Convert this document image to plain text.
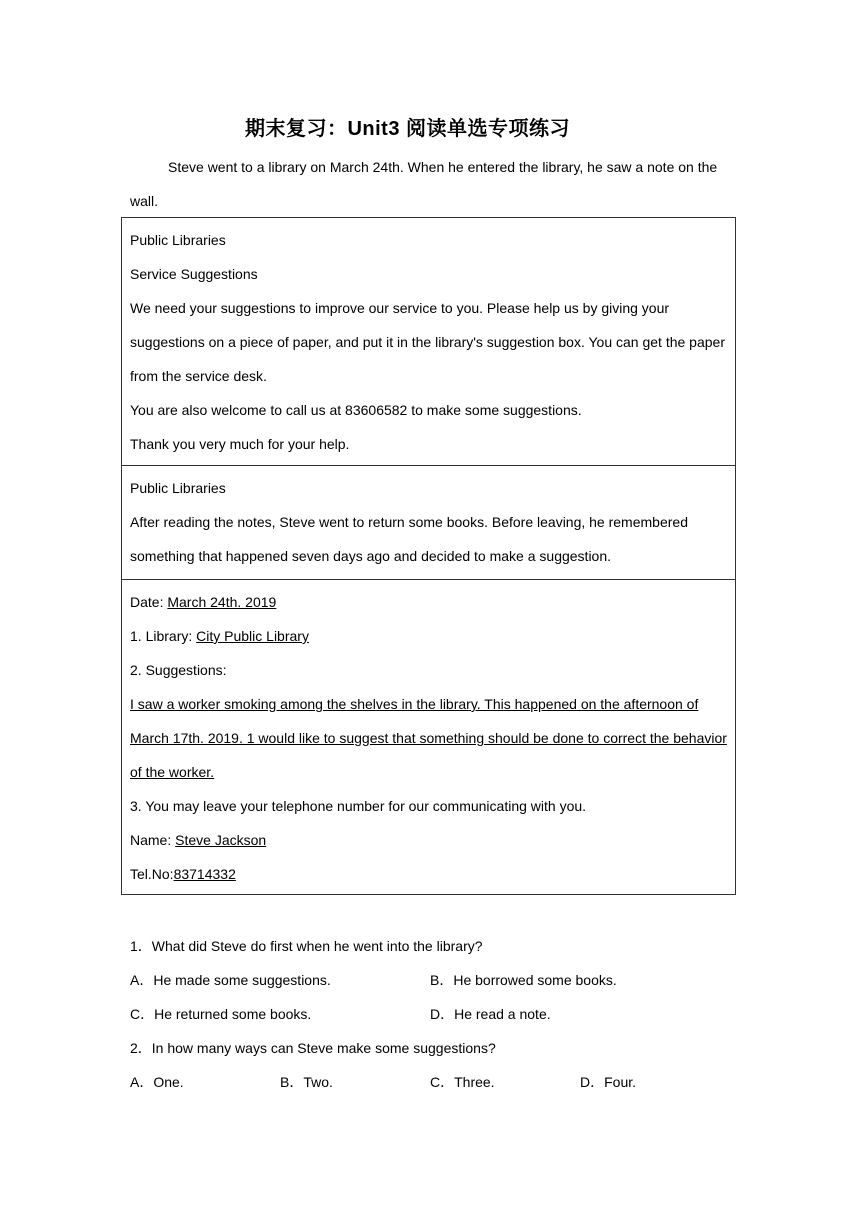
期末复习：Unit3 阅读单选专项练习
Steve went to a library on March 24th. When he entered the library, he saw a note on the wall.
Public Libraries
Service Suggestions
We need your suggestions to improve our service to you. Please help us by giving your
suggestions on a piece of paper, and put it in the library's suggestion box. You can get the paper
from the service desk.
You are also welcome to call us at 83606582 to make some suggestions.
Thank you very much for your help.
Public Libraries
After reading the notes, Steve went to return some books. Before leaving, he remembered
something that happened seven days ago and decided to make a suggestion.
Date: March 24th. 2019
1. Library: City Public Library
2. Suggestions:
I saw a worker smoking among the shelves in the library. This happened on the afternoon of
March 17th. 2019. 1 would like to suggest that something should be done to correct the behavior
of the worker.
3. You may leave your telephone number for our communicating with you.
Name: Steve Jackson
Tel.No:83714332
1．What did Steve do first when he went into the library?
A．He made some suggestions.	B．He borrowed some books.
C．He returned some books.	D．He read a note.
2．In how many ways can Steve make some suggestions?
A．One.	B．Two.	C．Three.	D．Four.
